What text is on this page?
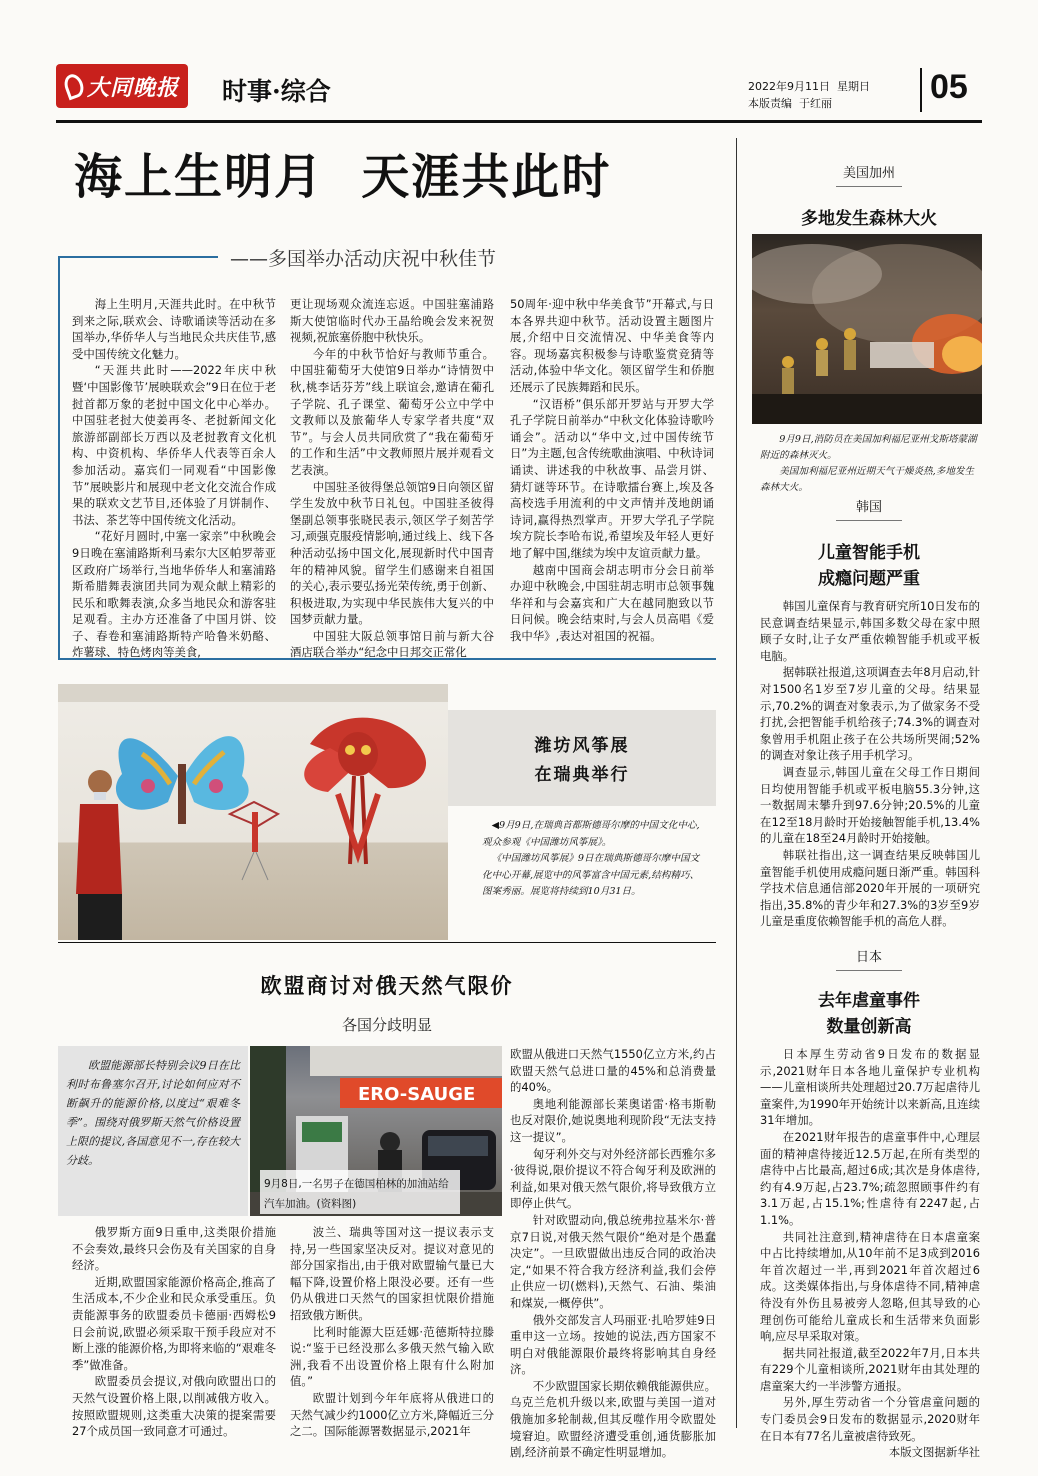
大同晚报 时事·综合	2022年9月11日  星期日
本版责编  于红丽	05
海上生明月  天涯共此时
——多国举办活动庆祝中秋佳节

海上生明月,天涯共此时。在中秋节到来之际,联欢会、诗歌诵读等活动在多国举办,华侨华人与当地民众共庆佳节,感受中国传统文化魅力。

“天涯共此时——2022年庆中秋暨‘中国影像节’展映联欢会”9日在位于老挝首都万象的老挝中国文化中心举办。中国驻老挝大使姜再冬、老挝新闻文化旅游部副部长万西以及老挝教育文化机构、中资机构、华侨华人代表等百余人参加活动。嘉宾们一同观看“中国影像节”展映影片和展现中老文化交流合作成果的联欢文艺节目,还体验了月饼制作、书法、茶艺等中国传统文化活动。

“花好月圆时,中塞一家亲”中秋晚会9日晚在塞浦路斯利马索尔大区帕罗蒂亚区政府广场举行,当地华侨华人和塞浦路斯希腊舞表演团共同为观众献上精彩的民乐和歌舞表演,众多当地民众和游客驻足观看。主办方还准备了中国月饼、饺子、春卷和塞浦路斯特产哈鲁米奶酪、炸薯球、特色烤肉等美食,

更让现场观众流连忘返。中国驻塞浦路斯大使馆临时代办王晶给晚会发来祝贺视频,祝旅塞侨胞中秋快乐。

今年的中秋节恰好与教师节重合。中国驻葡萄牙大使馆9日举办“诗情贺中秋,桃李话芬芳”线上联谊会,邀请在葡孔子学院、孔子课堂、葡萄牙公立中学中文教师以及旅葡华人专家学者共度“双节”。与会人员共同欣赏了“我在葡萄牙的工作和生活”中文教师照片展并观看文艺表演。

中国驻圣彼得堡总领馆9日向领区留学生发放中秋节日礼包。中国驻圣彼得堡副总领事张晓民表示,领区学子刻苦学习,顽强克服疫情影响,通过线上、线下各种活动弘扬中国文化,展现新时代中国青年的精神风貌。留学生们感谢来自祖国的关心,表示要弘扬光荣传统,勇于创新、积极进取,为实现中华民族伟大复兴的中国梦贡献力量。

中国驻大阪总领事馆日前与新大谷酒店联合举办“纪念中日邦交正常化

50周年·迎中秋中华美食节”开幕式,与日本各界共迎中秋节。活动设置主题图片展,介绍中日交流情况、中华美食等内容。现场嘉宾积极参与诗歌鉴赏竞猜等活动,体验中华文化。领区留学生和侨胞还展示了民族舞蹈和民乐。

“汉语桥”俱乐部开罗站与开罗大学孔子学院日前举办“中秋文化体验诗歌吟诵会”。活动以“华中文,过中国传统节日”为主题,包含传统歌曲演唱、中秋诗词诵读、讲述我的中秋故事、品尝月饼、猜灯谜等环节。在诗歌擂台赛上,埃及各高校选手用流利的中文声情并茂地朗诵诗词,赢得热烈掌声。开罗大学孔子学院埃方院长李哈布说,希望埃及年轻人更好地了解中国,继续为埃中友谊贡献力量。

越南中国商会胡志明市分会日前举办迎中秋晚会,中国驻胡志明市总领事魏华祥和与会嘉宾和广大在越同胞致以节日问候。晚会结束时,与会人员高唱《爱我中华》,表达对祖国的祝福。

潍坊风筝展
在瑞典举行

◀9月9日,在瑞典首都斯德哥尔摩的中国文化中心,观众参观《中国潍坊风筝展》。

《中国潍坊风筝展》9日在瑞典斯德哥尔摩中国文化中心开幕,展览中的风筝富含中国元素,结构精巧、图案秀丽。展览将持续到10月31日。

欧盟商讨对俄天然气限价
各国分歧明显

欧盟能源部长特别会议9日在比利时布鲁塞尔召开,讨论如何应对不断飙升的能源价格,以度过“艰难冬季”。围绕对俄罗斯天然气价格设置上限的提议,各国意见不一,存在较大分歧。

ERO-SAUGE
9月8日,一名男子在德国柏林的加油站给汽车加油。(资料图)

俄罗斯方面9日重申,这类限价措施不会奏效,最终只会伤及有关国家的自身经济。

近期,欧盟国家能源价格高企,推高了生活成本,不少企业和民众承受重压。负责能源事务的欧盟委员卡德丽·西姆松9日会前说,欧盟必须采取干预手段应对不断上涨的能源价格,为即将来临的“艰难冬季”做准备。

欧盟委员会提议,对俄向欧盟出口的天然气设置价格上限,以削减俄方收入。按照欧盟规则,这类重大决策的提案需要27个成员国一致同意才可通过。

波兰、瑞典等国对这一提议表示支持,另一些国家坚决反对。提议对意见的部分国家指出,由于俄对欧盟输气量已大幅下降,设置价格上限没必要。还有一些仍从俄进口天然气的国家担忧限价措施招致俄方断供。

比利时能源大臣廷娜·范德斯特拉滕说:“鉴于已经没那么多俄天然气输入欧洲,我看不出设置价格上限有什么附加值。”

欧盟计划到今年年底将从俄进口的天然气减少约1000亿立方米,降幅近三分之二。国际能源署数据显示,2021年

欧盟从俄进口天然气1550亿立方米,约占欧盟天然气总进口量的45%和总消费量的40%。

奥地利能源部长莱奥诺雷·格韦斯勒也反对限价,她说奥地利现阶段“无法支持这一提议”。

匈牙利外交与对外经济部长西雅尔多·彼得说,限价提议不符合匈牙利及欧洲的利益,如果对俄天然气限价,将导致俄方立即停止供气。

针对欧盟动向,俄总统弗拉基米尔·普京7日说,对俄天然气限价“绝对是个愚蠢决定”。一旦欧盟做出违反合同的政治决定,“如果不符合我方经济利益,我们会停止供应一切(燃料),天然气、石油、柴油和煤炭,一概停供”。

俄外交部发言人玛丽亚·扎哈罗娃9日重申这一立场。按她的说法,西方国家不明白对俄能源限价最终将影响其自身经济。

不少欧盟国家长期依赖俄能源供应。乌克兰危机升级以来,欧盟与美国一道对俄施加多轮制裁,但其反噬作用令欧盟处境窘迫。欧盟经济遭受重创,通货膨胀加剧,经济前景不确定性明显增加。

美国加州
多地发生森林大火

9月9日,消防员在美国加利福尼亚州戈斯塔蒙湖附近的森林灭火。

美国加利福尼亚州近期天气干燥炎热,多地发生森林大火。

韩国
儿童智能手机
成瘾问题严重

韩国儿童保育与教育研究所10日发布的民意调查结果显示,韩国多数父母在家中照顾子女时,让子女严重依赖智能手机或平板电脑。

据韩联社报道,这项调查去年8月启动,针对1500名1岁至7岁儿童的父母。结果显示,70.2%的调查对象表示,为了做家务不受打扰,会把智能手机给孩子;74.3%的调查对象曾用手机阻止孩子在公共场所哭闹;52%的调查对象让孩子用手机学习。

调查显示,韩国儿童在父母工作日期间日均使用智能手机或平板电脑55.3分钟,这一数据周末攀升到97.6分钟;20.5%的儿童在12至18月龄时开始接触智能手机,13.4%的儿童在18至24月龄时开始接触。

韩联社指出,这一调查结果反映韩国儿童智能手机使用成瘾问题日渐严重。韩国科学技术信息通信部2020年开展的一项研究指出,35.8%的青少年和27.3%的3岁至9岁儿童是重度依赖智能手机的高危人群。

日本
去年虐童事件
数量创新高

日本厚生劳动省9日发布的数据显示,2021财年日本各地儿童保护专业机构——儿童相谈所共处理超过20.7万起虐待儿童案件,为1990年开始统计以来新高,且连续31年增加。

在2021财年报告的虐童事件中,心理层面的精神虐待接近12.5万起,在所有类型的虐待中占比最高,超过6成;其次是身体虐待,约有4.9万起,占23.7%;疏忽照顾事件约有3.1万起,占15.1%;性虐待有2247起,占1.1%。

共同社注意到,精神虐待在日本虐童案中占比持续增加,从10年前不足3成到2016年首次超过一半,再到2021年首次超过6成。这类媒体指出,与身体虐待不同,精神虐待没有外伤且易被旁人忽略,但其导致的心理创伤可能给儿童成长和生活带来负面影响,应尽早采取对策。

据共同社报道,截至2022年7月,日本共有229个儿童相谈所,2021财年由其处理的虐童案大约一半涉警方通报。

另外,厚生劳动省一个分管虐童问题的专门委员会9日发布的数据显示,2020财年在日本有77名儿童被虐待致死。

本版文图据新华社
